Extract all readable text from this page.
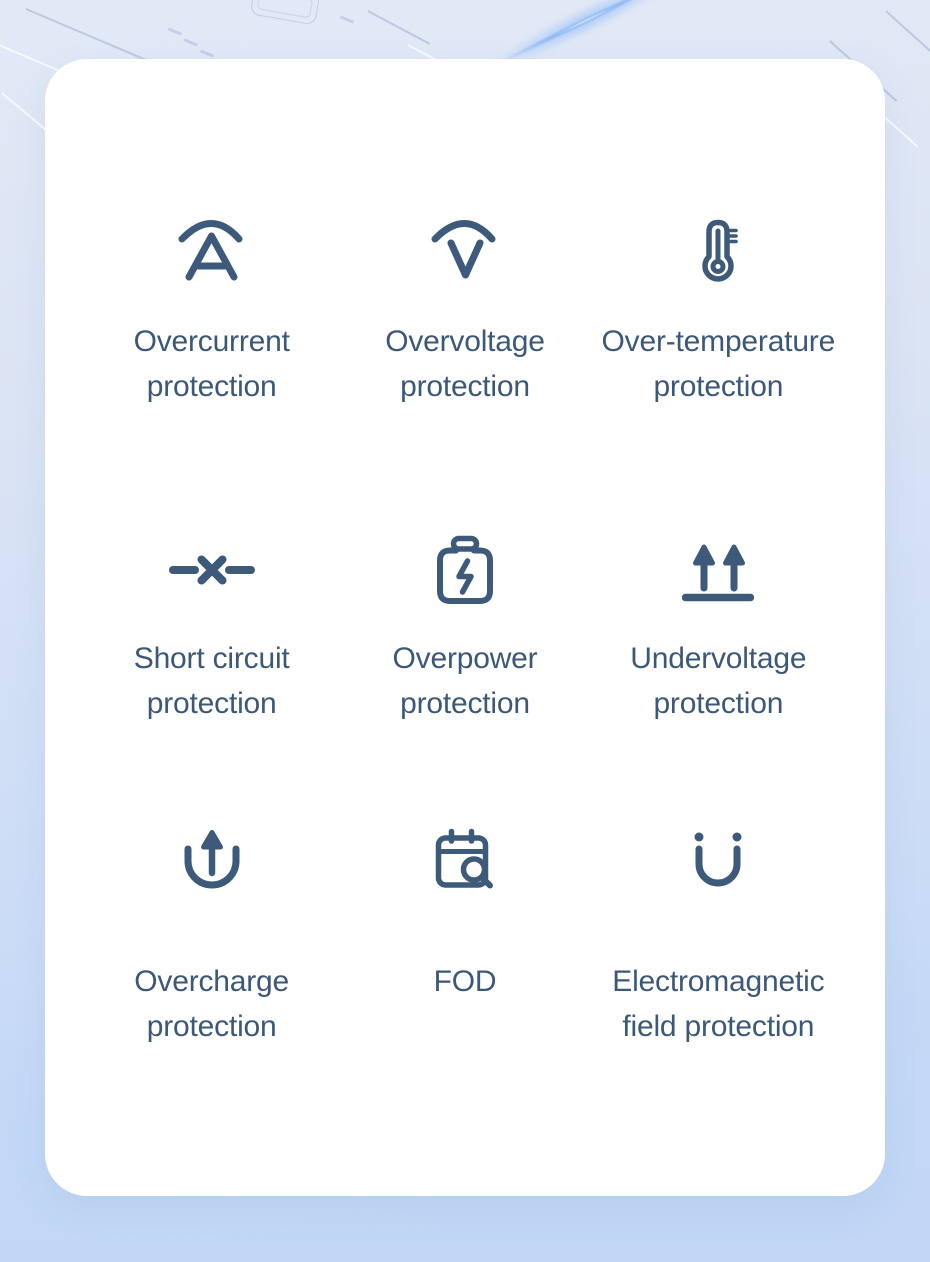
Overcurrent
protection
Overvoltage
protection
Over-temperature
protection
Short circuit
protection
Overpower
protection
Undervoltage
protection
Overcharge
protection
FOD	Electromagnetic
field protection
